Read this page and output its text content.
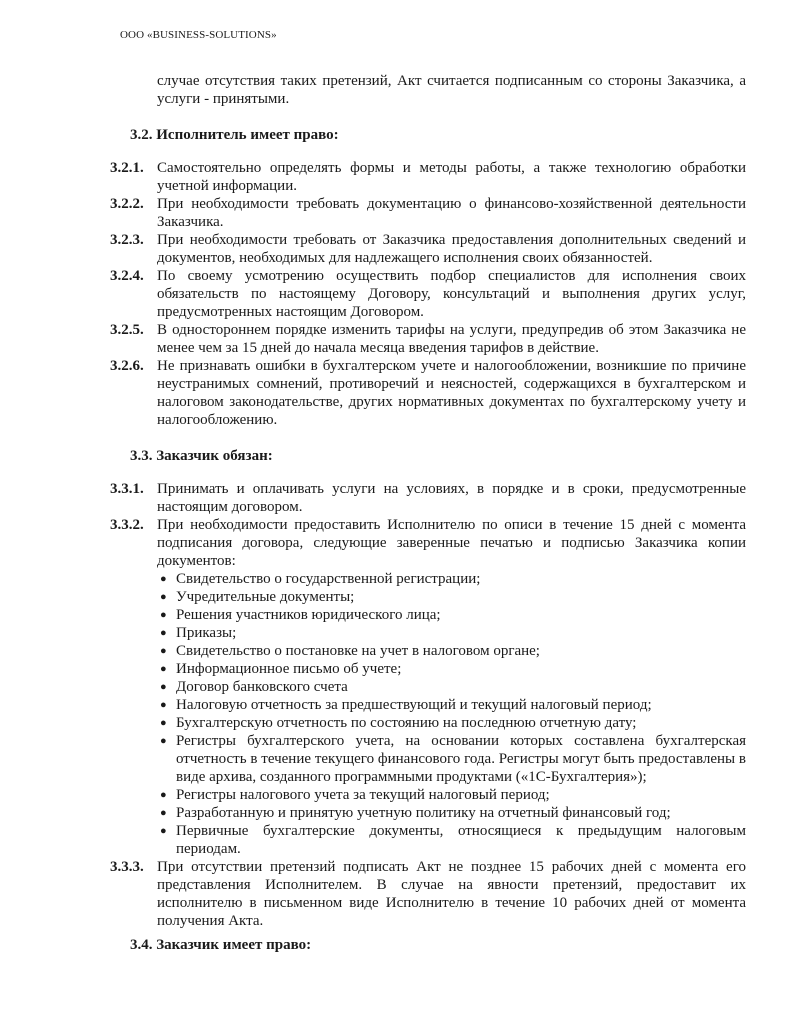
ООО «BUSINESS-SOLUTIONS»
случае отсутствия таких претензий, Акт считается подписанным со стороны Заказчика, а услуги - принятыми.
3.2. Исполнитель имеет право:
3.2.1. Самостоятельно определять формы и методы работы, а также технологию обработки учетной информации.
3.2.2. При необходимости требовать документацию о финансово-хозяйственной деятельности Заказчика.
3.2.3. При необходимости требовать от Заказчика предоставления дополнительных сведений и документов, необходимых для надлежащего исполнения своих обязанностей.
3.2.4. По своему усмотрению осуществить подбор специалистов для исполнения своих обязательств по настоящему Договору, консультаций и выполнения других услуг, предусмотренных настоящим Договором.
3.2.5. В одностороннем порядке изменить тарифы на услуги, предупредив об этом Заказчика не менее чем за 15 дней до начала месяца введения тарифов в действие.
3.2.6. Не признавать ошибки в бухгалтерском учете и налогообложении, возникшие по причине неустранимых сомнений, противоречий и неясностей, содержащихся в бухгалтерском и налоговом законодательстве, других нормативных документах по бухгалтерскому учету и налогообложению.
3.3. Заказчик обязан:
3.3.1. Принимать и оплачивать услуги на условиях, в порядке и в сроки, предусмотренные настоящим договором.
3.3.2. При необходимости предоставить Исполнителю по описи в течение 15 дней с момента подписания договора, следующие заверенные печатью и подписью Заказчика копии документов:
● Свидетельство о государственной регистрации;
● Учредительные документы;
● Решения участников юридического лица;
● Приказы;
● Свидетельство о постановке на учет в налоговом органе;
● Информационное письмо об учете;
● Договор банковского счета
● Налоговую отчетность за предшествующий и текущий налоговый период;
● Бухгалтерскую отчетность по состоянию на последнюю отчетную дату;
● Регистры бухгалтерского учета, на основании которых составлена бухгалтерская отчетность в течение текущего финансового года. Регистры могут быть предоставлены в виде архива, созданного программными продуктами («1С-Бухгалтерия»);
● Регистры налогового учета за текущий налоговый период;
● Разработанную и принятую учетную политику на отчетный финансовый год;
● Первичные бухгалтерские документы, относящиеся к предыдущим налоговым периодам.
3.3.3. При отсутствии претензий подписать Акт не позднее 15 рабочих дней с момента его представления Исполнителем. В случае на явности претензий, предоставит их исполнителю в письменном виде Исполнителю в течение 10 рабочих дней от момента получения Акта.
3.4. Заказчик имеет право:
